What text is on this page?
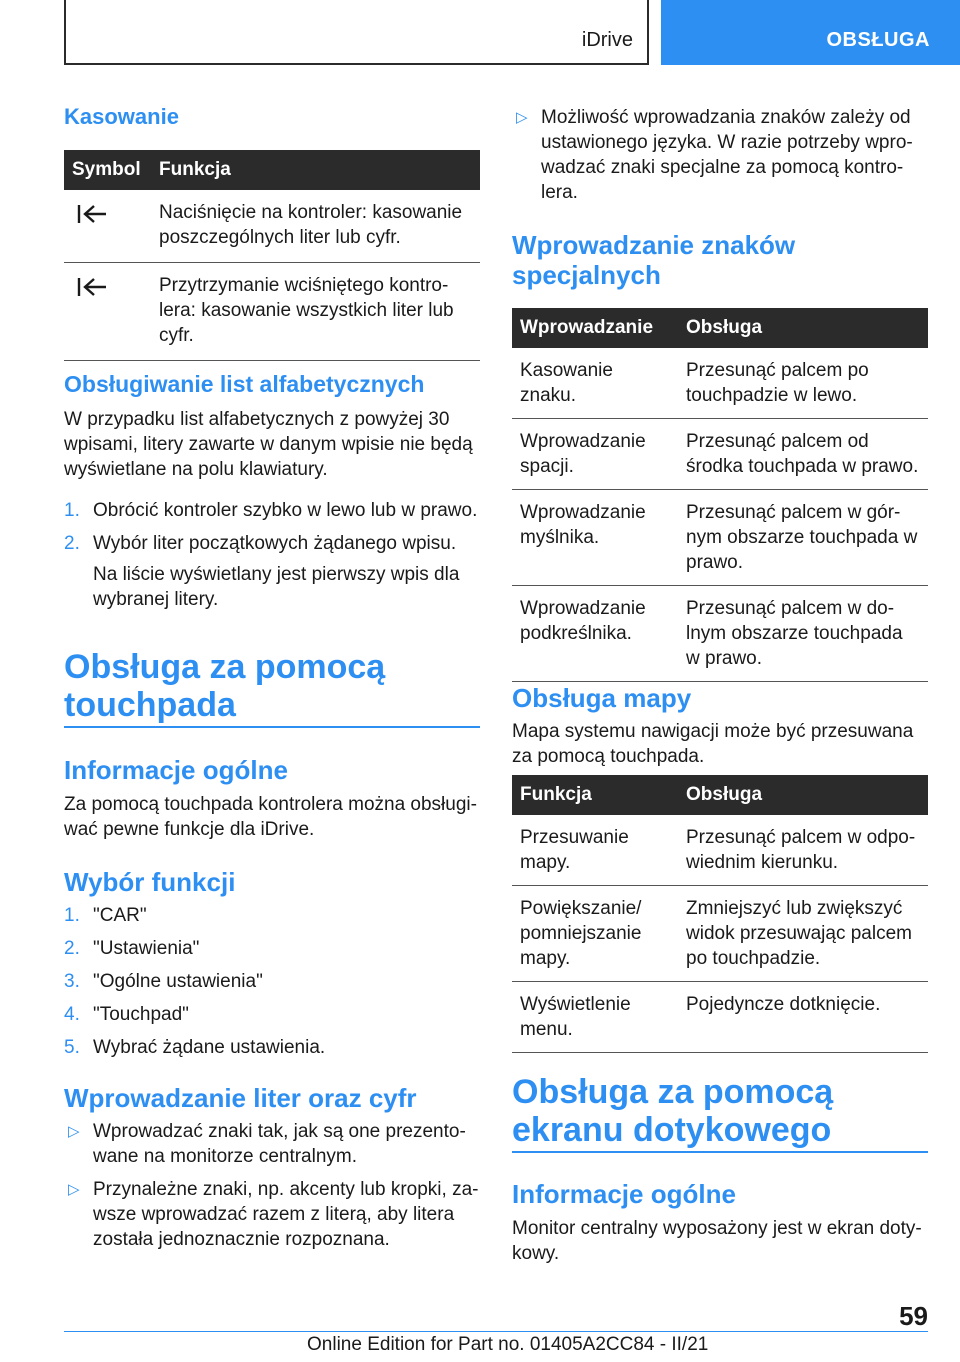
iDrive	OBSŁUGA
Kasowanie
Symbol	Funkcja
	Naciśnięcie na kontroler: kasowanie poszczególnych liter lub cyfr.
	Przytrzymanie wciśniętego kontrolera: kasowanie wszystkich liter lub cyfr.
Obsługiwanie list alfabetycznych
W przypadku list alfabetycznych z powyżej 30 wpisami, litery zawarte w danym wpisie nie będą wyświetlane na polu klawiatury.
1. Obrócić kontroler szybko w lewo lub w prawo.
2. Wybór liter początkowych żądanego wpisu.
Na liście wyświetlany jest pierwszy wpis dla wybranej litery.
Obsługa za pomocą touchpada
Informacje ogólne
Za pomocą touchpada kontrolera można obsługiwać pewne funkcje dla iDrive.
Wybór funkcji
1. "CAR"
2. "Ustawienia"
3. "Ogólne ustawienia"
4. "Touchpad"
5. Wybrać żądane ustawienia.
Wprowadzanie liter oraz cyfr
▷ Wprowadzać znaki tak, jak są one prezentowane na monitorze centralnym.
▷ Przynależne znaki, np. akcenty lub kropki, zawsze wprowadzać razem z literą, aby litera została jednoznacznie rozpoznana.
▷ Możliwość wprowadzania znaków zależy od ustawionego języka. W razie potrzeby wprowadzać znaki specjalne za pomocą kontrolera.
Wprowadzanie znaków specjalnych
Wprowadzanie	Obsługa
Kasowanie znaku.	Przesunąć palcem po touchpadzie w lewo.
Wprowadzanie spacji.	Przesunąć palcem od środka touchpada w prawo.
Wprowadzanie myślnika.	Przesunąć palcem w górnym obszarze touchpada w prawo.
Wprowadzanie podkreślnika.	Przesunąć palcem w dolnym obszarze touchpada w prawo.
Obsługa mapy
Mapa systemu nawigacji może być przesuwana za pomocą touchpada.
Funkcja	Obsługa
Przesuwanie mapy.	Przesunąć palcem w odpowiednim kierunku.
Powiększanie/ pomniejszanie mapy.	Zmniejszyć lub zwiększyć widok przesuwając palcem po touchpadzie.
Wyświetlenie menu.	Pojedyncze dotknięcie.
Obsługa za pomocą ekranu dotykowego
Informacje ogólne
Monitor centralny wyposażony jest w ekran dotykowy.
59
Online Edition for Part no. 01405A2CC84 - II/21
